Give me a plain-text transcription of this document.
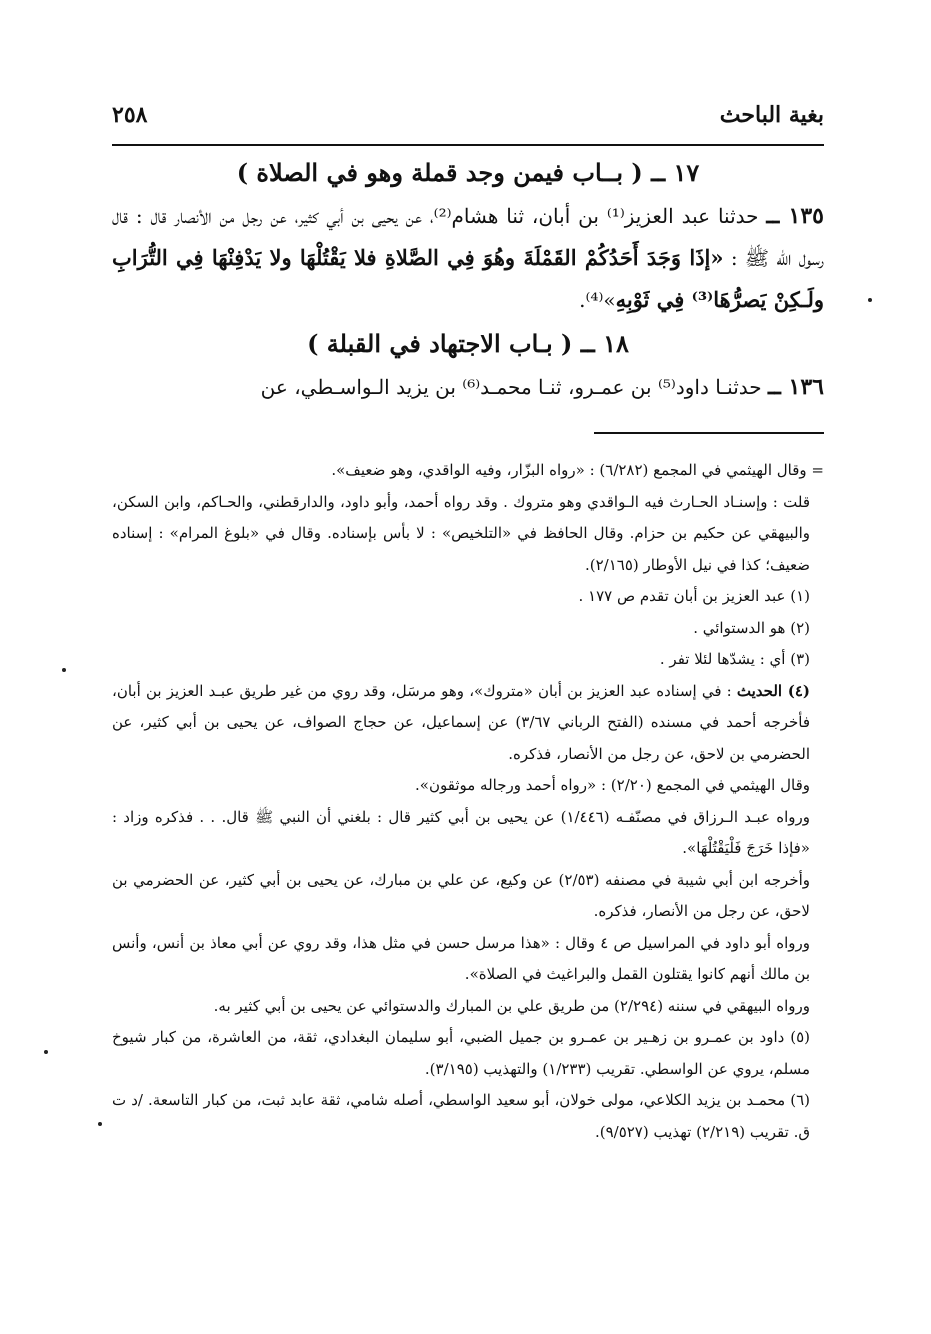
بغية الباحث
٢٥٨
١٧ ــ ( بــاب فيمن وجد قملة وهو في الصلاة )
١٣٥ ــ حدثنا عبد العزيز⁽¹⁾ بن أبان، ثنا هشام⁽²⁾، عن يحيى بن أبي كثير، عن رجل من الأنصار قال : قال رسول الله ﷺ : «إذَا وَجَدَ أَحَدُكُمْ القَمْلَةَ وهُوَ فِي الصَّلاةِ فلا يَقْتُلْهَا ولا يَدْفِنْهَا فِي التُّرَابِ ولَـكِنْ يَصرُّهَا⁽³⁾ فِي ثَوْبِهِ»⁽⁴⁾.
١٨ ــ ( بـاب الاجتهاد في القبلة )
١٣٦ ــ حدثنـا داود⁽⁵⁾ بن عمـرو، ثنـا محمـد⁽⁶⁾ بن يزيد الـواسـطي، عن

= وقال الهيثمي في المجمع (٦/٢٨٢) : «رواه البزّار، وفيه الواقدي، وهو ضعيف».

قلت : وإسنـاد الحـارث فيه الـواقدي وهو متروك . وقد رواه أحمد، وأبو داود، والدارقطني، والحـاكم، وابن السكن، والبيهقي عن حكيم بن حزام. وقال الحافظ في «التلخيص» : لا بأس بإسناده. وقال في «بلوغ المرام» : إسناده ضعيف؛ كذا في نيل الأوطار (٢/١٦٥).

(١) عبد العزيز بن أبان تقدم ص ١٧٧ .

(٢) هو الدستوائي .

(٣) أي : يشدّها لئلا تفر .

(٤) الحديث : في إسناده عبد العزيز بن أبان «متروك»، وهو مرسَل، وقد روي من غير طريق عبـد العزيز بن أبان، فأخرجه أحمد في مسنده (الفتح الرباني ٣/٦٧) عن إسماعيل، عن حجاج الصواف، عن يحيى بن أبي كثير، عن الحضرمي بن لاحق، عن رجل من الأنصار، فذكره.

وقال الهيثمي في المجمع (٢/٢٠) : «رواه أحمد ورجاله موثقون».

ورواه عبـد الـرزاق في مصنّفـه (١/٤٤٦) عن يحيى بن أبي كثير قال : بلغني أن النبي ﷺ قال. . . فذكره وزاد : «فإذا خَرَجَ فَلْيَقْتُلْهَا».

وأخرجه ابن أبي شيبة في مصنفه (٢/٥٣) عن وكيع، عن علي بن مبارك، عن يحيى بن أبي كثير، عن الحضرمي بن لاحق، عن رجل من الأنصار، فذكره.

ورواه أبو داود في المراسيل ص ٤ وقال : «هذا مرسل حسن في مثل هذا، وقد روي عن أبي معاذ بن أنس، وأنس بن مالك أنهم كانوا يقتلون القمل والبراغيث في الصلاة».

ورواه البيهقي في سننه (٢/٢٩٤) من طريق علي بن المبارك والدستوائي عن يحيى بن أبي كثير به.

(٥) داود بن عمـرو بن زهـير بن عمـرو بن جميل الضبي، أبو سليمان البغدادي، ثقة، من العاشرة، من كبار شيوخ مسلم، يروي عن الواسطي. تقريب (١/٢٣٣) والتهذيب (٣/١٩٥).

(٦) محمـد بن يزيد الكلاعي، مولى خولان، أبو سعيد الواسطي، أصله شامي، ثقة عابد ثبت، من كبار التاسعة. /د ت ق. تقريب (٢/٢١٩) تهذيب (٩/٥٢٧).
